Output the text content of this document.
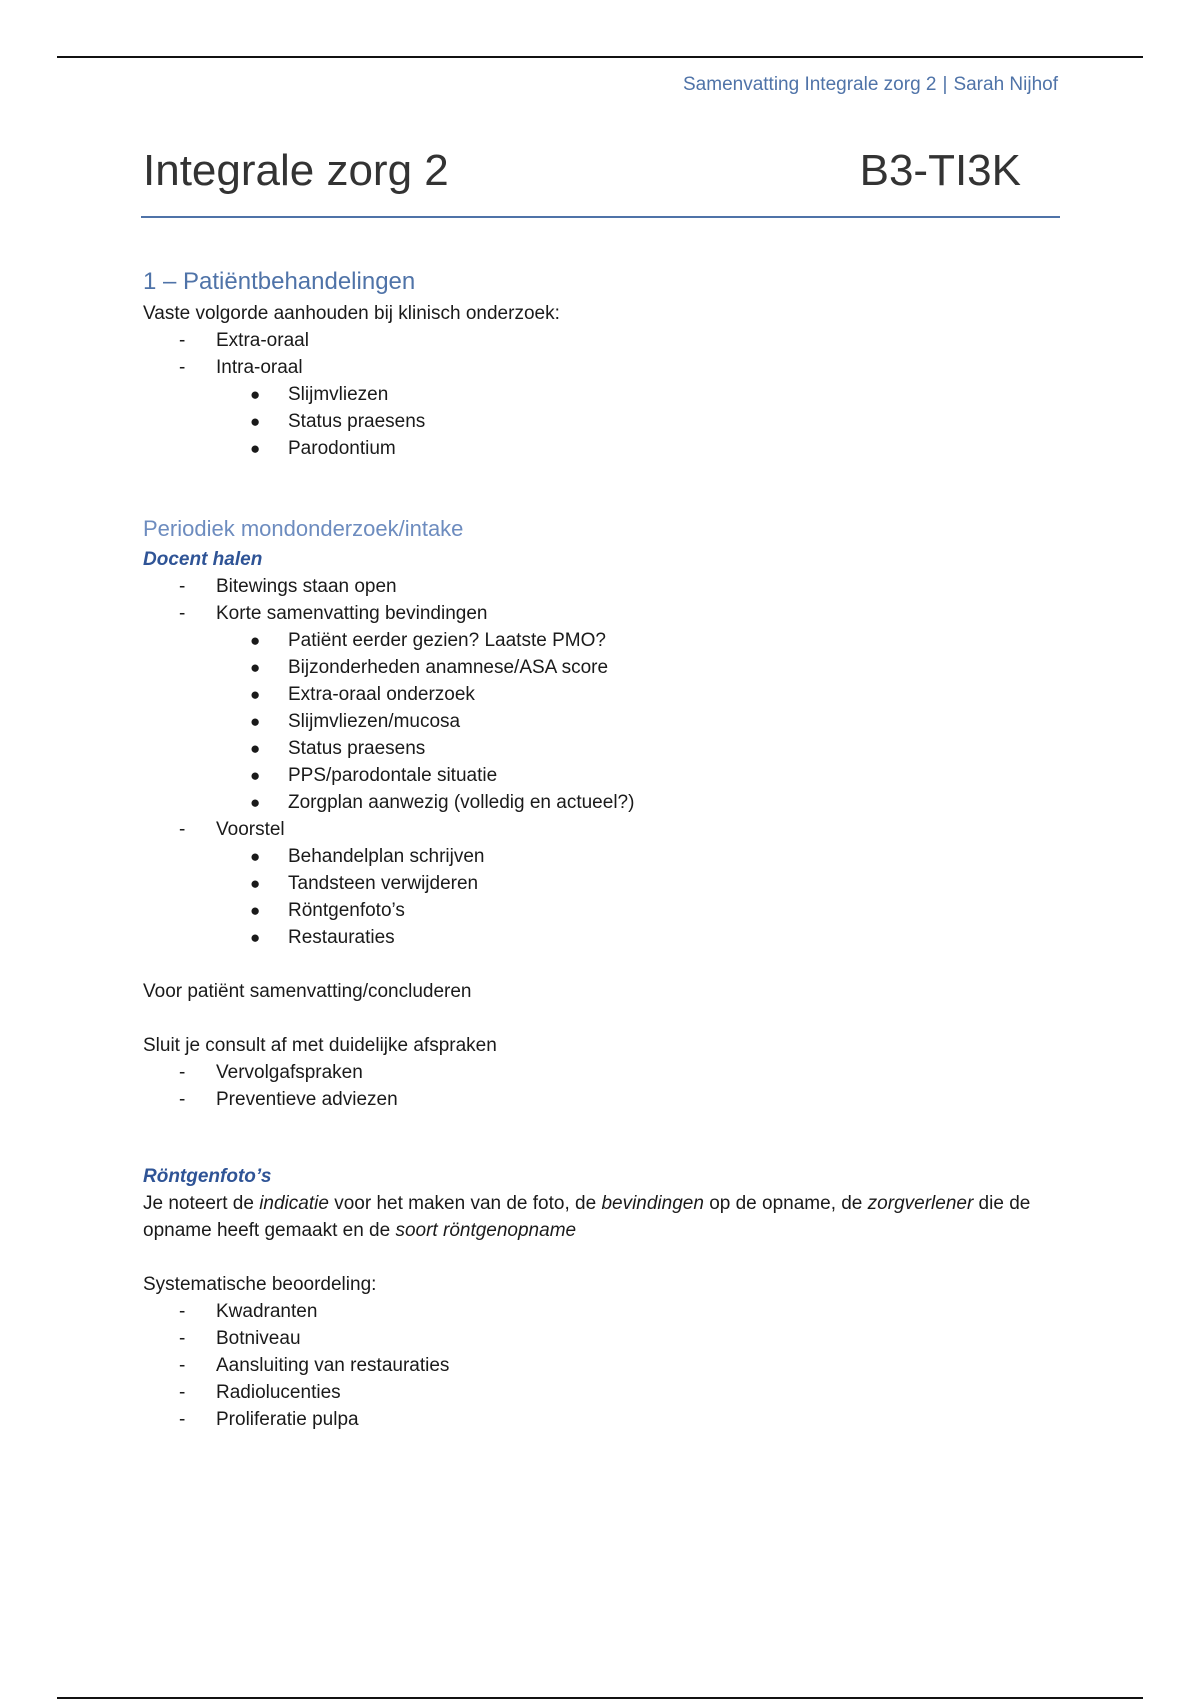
Samenvatting Integrale zorg 2 | Sarah Nijhof
Integrale zorg 2	B3-TI3K
1 – Patiëntbehandelingen

Vaste volgorde aanhouden bij klinisch onderzoek:

- Extra-oraal
- Intra-oraal
● Slijmvliezen
● Status praesens
● Parodontium
Periodiek mondonderzoek/intake
Docent halen
- Bitewings staan open
- Korte samenvatting bevindingen
● Patiënt eerder gezien? Laatste PMO?
● Bijzonderheden anamnese/ASA score
● Extra-oraal onderzoek
● Slijmvliezen/mucosa
● Status praesens
● PPS/parodontale situatie
● Zorgplan aanwezig (volledig en actueel?)
- Voorstel
● Behandelplan schrijven
● Tandsteen verwijderen
● Röntgenfoto’s
● Restauraties

Voor patiënt samenvatting/concluderen

Sluit je consult af met duidelijke afspraken

- Vervolgafspraken
- Preventieve adviezen
Röntgenfoto’s

Je noteert de indicatie voor het maken van de foto, de bevindingen op de opname, de zorgverlener die de opname heeft gemaakt en de soort röntgenopname

Systematische beoordeling:

- Kwadranten
- Botniveau
- Aansluiting van restauraties
- Radiolucenties
- Proliferatie pulpa
